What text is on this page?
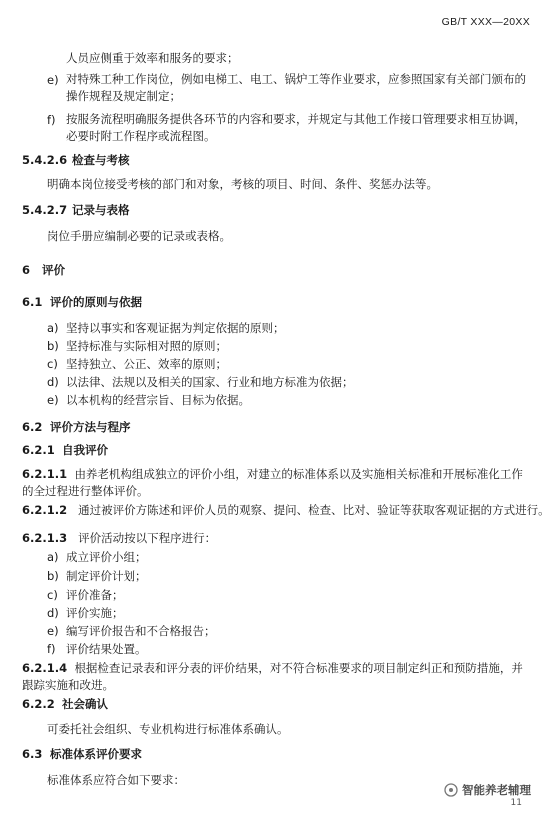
GB/T XXX—20XX
人员应侧重于效率和服务的要求；
e) 对特殊工种工作岗位，例如电梯工、电工、锅炉工等作业要求，应参照国家有关部门颁布的操作规程及规定制定；
f) 按服务流程明确服务提供各环节的内容和要求，并规定与其他工作接口管理要求相互协调，必要时附工作程序或流程图。
5.4.2.6 检查与考核
明确本岗位接受考核的部门和对象，考核的项目、时间、条件、奖惩办法等。
5.4.2.7 记录与表格
岗位手册应编制必要的记录或表格。
6 评价
6.1 评价的原则与依据
a) 坚持以事实和客观证据为判定依据的原则；
b) 坚持标准与实际相对照的原则；
c) 坚持独立、公正、效率的原则；
d) 以法律、法规以及相关的国家、行业和地方标准为依据；
e) 以本机构的经营宗旨、目标为依据。
6.2 评价方法与程序
6.2.1 自我评价
6.2.1.1 由养老机构组成独立的评价小组，对建立的标准体系以及实施相关标准和开展标准化工作的全过程进行整体评价。
6.2.1.2 通过被评价方陈述和评价人员的观察、提问、检查、比对、验证等获取客观证据的方式进行。
6.2.1.3 评价活动按以下程序进行：
a) 成立评价小组；
b) 制定评价计划；
c) 评价准备；
d) 评价实施；
e) 编写评价报告和不合格报告；
f) 评价结果处置。
6.2.1.4 根据检查记录表和评分表的评价结果，对不符合标准要求的项目制定纠正和预防措施，并跟踪实施和改进。
6.2.2 社会确认
可委托社会组织、专业机构进行标准体系确认。
6.3 标准体系评价要求
标准体系应符合如下要求：
智能养老辅理
11
